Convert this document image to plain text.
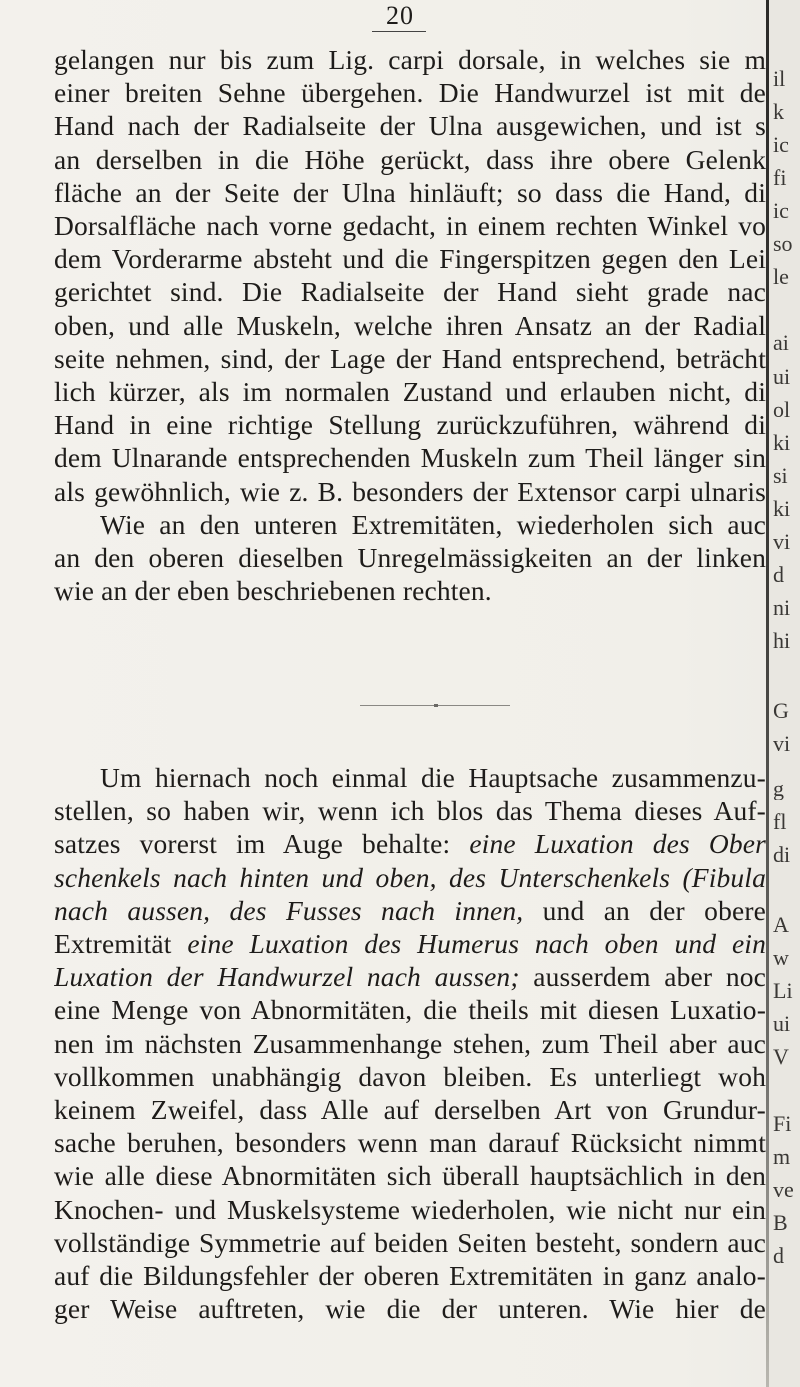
20
gelangen nur bis zum Lig. carpi dorsale, in welches sie m
einer breiten Sehne übergehen. Die Handwurzel ist mit de
Hand nach der Radialseite der Ulna ausgewichen, und ist s
an derselben in die Höhe gerückt, dass ihre obere Gelenk
fläche an der Seite der Ulna hinläuft; so dass die Hand, di
Dorsalfläche nach vorne gedacht, in einem rechten Winkel vo
dem Vorderarme absteht und die Fingerspitzen gegen den Lei
gerichtet sind. Die Radialseite der Hand sieht grade nac
oben, und alle Muskeln, welche ihren Ansatz an der Radial
seite nehmen, sind, der Lage der Hand entsprechend, beträcht
lich kürzer, als im normalen Zustand und erlauben nicht, di
Hand in eine richtige Stellung zurückzuführen, während di
dem Ulnarande entsprechenden Muskeln zum Theil länger sin
als gewöhnlich, wie z. B. besonders der Extensor carpi ulnaris
Wie an den unteren Extremitäten, wiederholen sich auc
an den oberen dieselben Unregelmässigkeiten an der linken
wie an der eben beschriebenen rechten.
Um hiernach noch einmal die Hauptsache zusammenzu-
stellen, so haben wir, wenn ich blos das Thema dieses Auf-
satzes vorerst im Auge behalte: eine Luxation des Ober
schenkels nach hinten und oben, des Unterschenkels (Fibula
nach aussen, des Fusses nach innen, und an der obere
Extremität eine Luxation des Humerus nach oben und ein
Luxation der Handwurzel nach aussen; ausserdem aber noc
eine Menge von Abnormitäten, die theils mit diesen Luxatio-
nen im nächsten Zusammenhange stehen, zum Theil aber auc
vollkommen unabhängig davon bleiben. Es unterliegt woh
keinem Zweifel, dass Alle auf derselben Art von Grundur-
sache beruhen, besonders wenn man darauf Rücksicht nimmt
wie alle diese Abnormitäten sich überall hauptsächlich in den
Knochen- und Muskelsysteme wiederholen, wie nicht nur ein
vollständige Symmetrie auf beiden Seiten besteht, sondern auc
auf die Bildungsfehler der oberen Extremitäten in ganz analo-
ger Weise auftreten, wie die der unteren. Wie hier de
il
k
ic
fi
ic
so
le
ai
ui
ol
ki
si
ki
vi
d
ni
hi
G
vi
g
fl
di
A
w
Li
ui
V
Fi
m
ve
B
d
